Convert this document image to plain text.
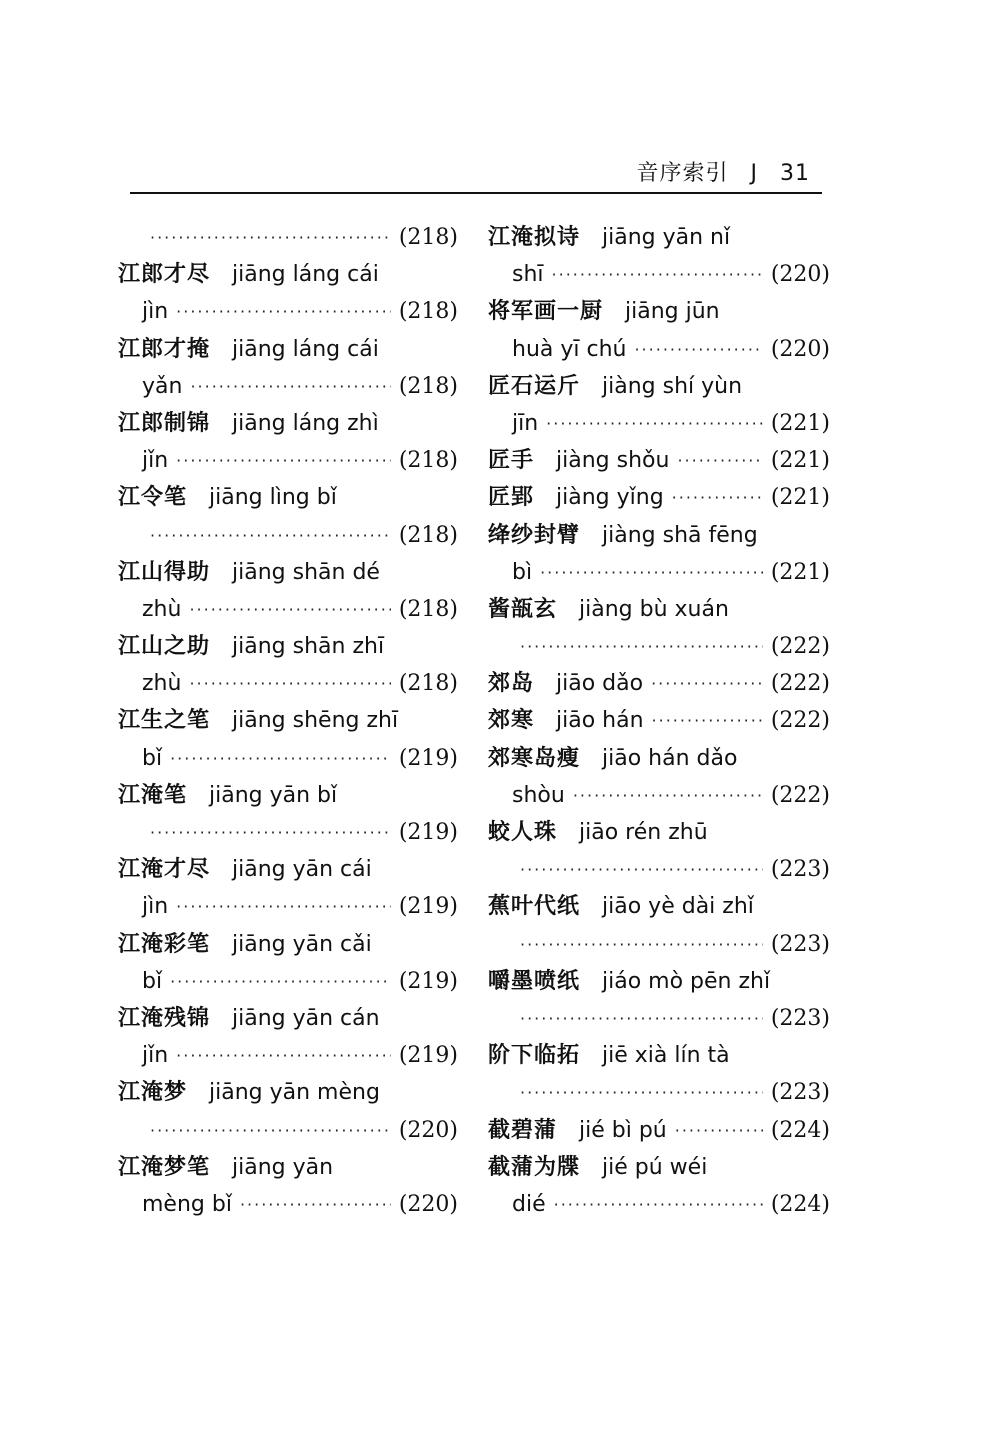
音序索引 J 31
·····
(218)
江郎才尽 jiāng láng cái
jìn ·····	(218)
江郎才掩 jiāng láng cái
yǎn ·····	(218)
江郎制锦 jiāng láng zhì
jǐn ·····	(218)
江令笔 jiāng lìng bǐ
·····
(218)
江山得助 jiāng shān dé
zhù ·····	(218)
江山之助 jiāng shān zhī
zhù ·····	(218)
江生之笔 jiāng shēng zhī
bǐ ·····	(219)
江淹笔 jiāng yān bǐ
·····
(219)
江淹才尽 jiāng yān cái
jìn ·····	(219)
江淹彩笔 jiāng yān cǎi
bǐ ·····	(219)
江淹残锦 jiāng yān cán
jǐn ·····	(219)
江淹梦 jiāng yān mèng
·····
(220)
江淹梦笔 jiāng yān
mèng bǐ ·····	(220)
江淹拟诗 jiāng yān nǐ
shī ·····	(220)
将军画一厨 jiāng jūn
huà yī chú ·····	(220)
匠石运斤 jiàng shí yùn
jīn ·····	(221)
匠手 jiàng shǒu ·····	(221)
匠郢 jiàng yǐng ·····	(221)
绛纱封臂 jiàng shā fēng
bì ·····	(221)
酱瓿玄 jiàng bù xuán
·····
(222)
郊岛 jiāo dǎo ·····	(222)
郊寒 jiāo hán ·····	(222)
郊寒岛瘦 jiāo hán dǎo
shòu ·····	(222)
蛟人珠 jiāo rén zhū
·····
(223)
蕉叶代纸 jiāo yè dài zhǐ
·····
(223)
嚼墨喷纸 jiáo mò pēn zhǐ
·····
(223)
阶下临拓 jiē xià lín tà
·····
(223)
截碧蒲 jié bì pú ·····	(224)
截蒲为牒 jié pú wéi
dié ·····	(224)
